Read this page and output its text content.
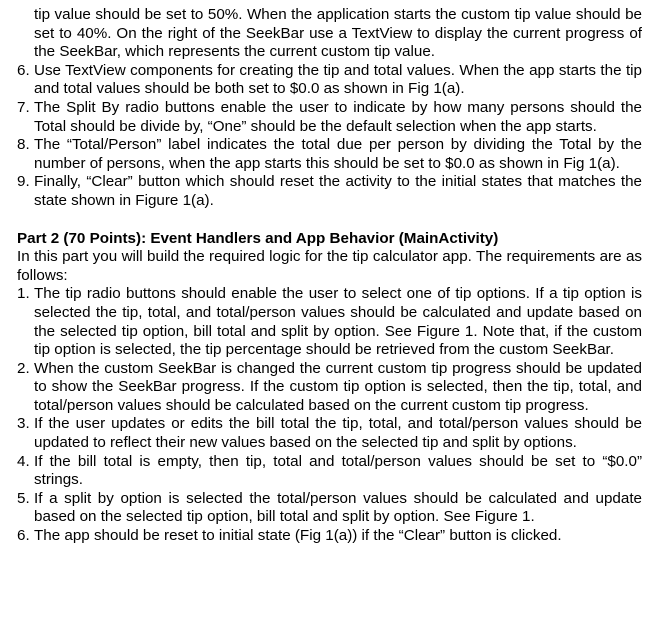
tip value should be set to 50%. When the application starts the custom tip value should be set to 40%. On the right of the SeekBar use a TextView to display the current progress of the SeekBar, which represents the current custom tip value.
6. Use TextView components for creating the tip and total values. When the app starts the tip and total values should be both set to $0.0 as shown in Fig 1(a).
7. The Split By radio buttons enable the user to indicate by how many persons should the Total should be divide by, “One” should be the default selection when the app starts.
8. The “Total/Person” label indicates the total due per person by dividing the Total by the number of persons, when the app starts this should be set to $0.0 as shown in Fig 1(a).
9. Finally, “Clear” button which should reset the activity to the initial states that matches the state shown in Figure 1(a).
Part 2 (70 Points): Event Handlers and App Behavior (MainActivity)
In this part you will build the required logic for the tip calculator app. The requirements are as follows:
1. The tip radio buttons should enable the user to select one of tip options. If a tip option is selected the tip, total, and total/person values should be calculated and update based on the selected tip option, bill total and split by option. See Figure 1. Note that, if the custom tip option is selected, the tip percentage should be retrieved from the custom SeekBar.
2. When the custom SeekBar is changed the current custom tip progress should be updated to show the SeekBar progress. If the custom tip option is selected, then the tip, total, and total/person values should be calculated based on the current custom tip progress.
3. If the user updates or edits the bill total the tip, total, and total/person values should be updated to reflect their new values based on the selected tip and split by options.
4. If the bill total is empty, then tip, total and total/person values should be set to “$0.0” strings.
5. If a split by option is selected the total/person values should be calculated and update based on the selected tip option, bill total and split by option. See Figure 1.
6. The app should be reset to initial state (Fig 1(a)) if the “Clear” button is clicked.
